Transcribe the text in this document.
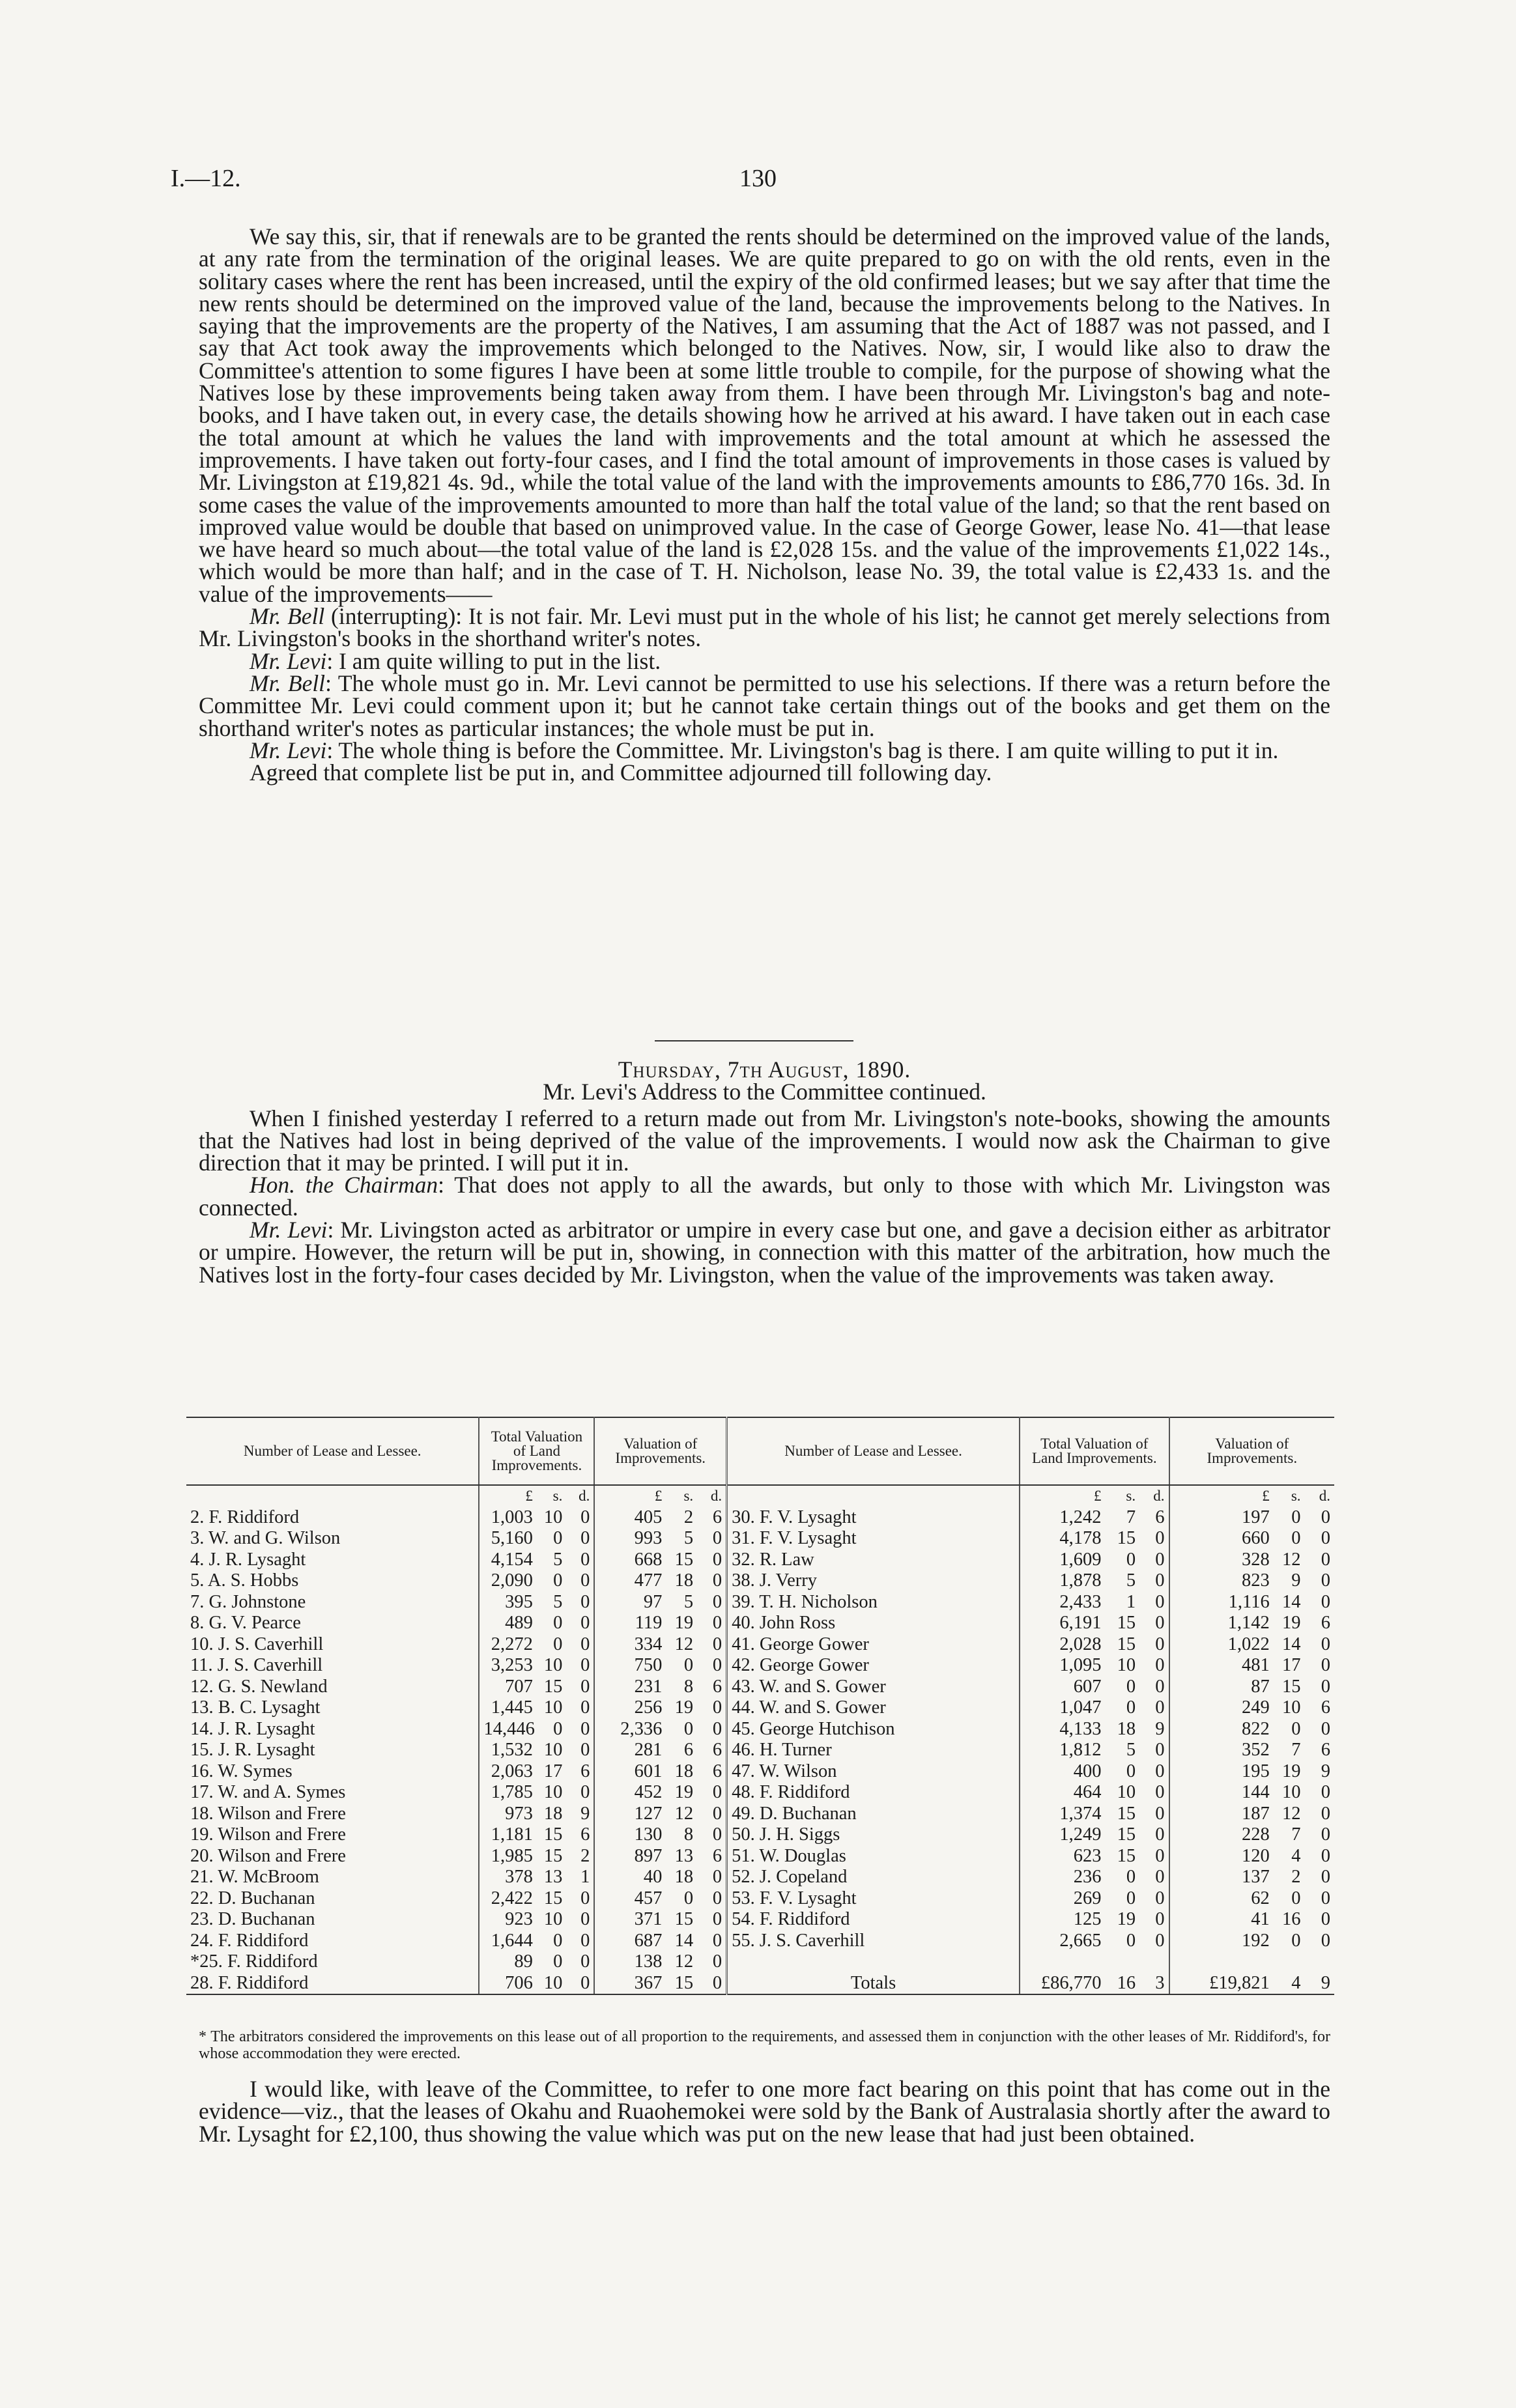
I.—12.	130

We say this, sir, that if renewals are to be granted the rents should be determined on the improved value of the lands, at any rate from the termination of the original leases. We are quite prepared to go on with the old rents, even in the solitary cases where the rent has been increased, until the expiry of the old confirmed leases; but we say after that time the new rents should be determined on the improved value of the land, because the improvements belong to the Natives. In saying that the improvements are the property of the Natives, I am assuming that the Act of 1887 was not passed, and I say that Act took away the improvements which belonged to the Natives. Now, sir, I would like also to draw the Committee's attention to some figures I have been at some little trouble to compile, for the purpose of showing what the Natives lose by these improvements being taken away from them. I have been through Mr. Livingston's bag and note-books, and I have taken out, in every case, the details showing how he arrived at his award. I have taken out in each case the total amount at which he values the land with improvements and the total amount at which he assessed the improvements. I have taken out forty-four cases, and I find the total amount of improvements in those cases is valued by Mr. Livingston at £19,821 4s. 9d., while the total value of the land with the improvements amounts to £86,770 16s. 3d. In some cases the value of the improvements amounted to more than half the total value of the land; so that the rent based on improved value would be double that based on unimproved value. In the case of George Gower, lease No. 41—that lease we have heard so much about—the total value of the land is £2,028 15s. and the value of the improvements £1,022 14s., which would be more than half; and in the case of T. H. Nicholson, lease No. 39, the total value is £2,433 1s. and the value of the improvements——

Mr. Bell (interrupting): It is not fair. Mr. Levi must put in the whole of his list; he cannot get merely selections from Mr. Livingston's books in the shorthand writer's notes.

Mr. Levi: I am quite willing to put in the list.

Mr. Bell: The whole must go in. Mr. Levi cannot be permitted to use his selections. If there was a return before the Committee Mr. Levi could comment upon it; but he cannot take certain things out of the books and get them on the shorthand writer's notes as particular instances; the whole must be put in.

Mr. Levi: The whole thing is before the Committee. Mr. Livingston's bag is there. I am quite willing to put it in.

Agreed that complete list be put in, and Committee adjourned till following day.

Thursday, 7th August, 1890.

Mr. Levi's Address to the Committee continued.

When I finished yesterday I referred to a return made out from Mr. Livingston's note-books, showing the amounts that the Natives had lost in being deprived of the value of the improvements. I would now ask the Chairman to give direction that it may be printed. I will put it in.

Hon. the Chairman: That does not apply to all the awards, but only to those with which Mr. Livingston was connected.

Mr. Levi: Mr. Livingston acted as arbitrator or umpire in every case but one, and gave a decision either as arbitrator or umpire. However, the return will be put in, showing, in connection with this matter of the arbitration, how much the Natives lost in the forty-four cases decided by Mr. Livingston, when the value of the improvements was taken away.

Number of Lease and Lessee.	Total Valuation of Land Improvements.			Valuation of Improvements.			Number of Lease and Lessee.	Total Valuation of Land Improvements.			Valuation of Improvements.		
	£	s.	d.	£	s.	d.		£	s.	d.	£	s.	d.
2. F. Riddiford	1,003	10	0	405	2	6	30. F. V. Lysaght	1,242	7	6	197	0	0
3. W. and G. Wilson	5,160	0	0	993	5	0	31. F. V. Lysaght	4,178	15	0	660	0	0
4. J. R. Lysaght	4,154	5	0	668	15	0	32. R. Law	1,609	0	0	328	12	0
5. A. S. Hobbs	2,090	0	0	477	18	0	38. J. Verry	1,878	5	0	823	9	0
7. G. Johnstone	395	5	0	97	5	0	39. T. H. Nicholson	2,433	1	0	1,116	14	0
8. G. V. Pearce	489	0	0	119	19	0	40. John Ross	6,191	15	0	1,142	19	6
10. J. S. Caverhill	2,272	0	0	334	12	0	41. George Gower	2,028	15	0	1,022	14	0
11. J. S. Caverhill	3,253	10	0	750	0	0	42. George Gower	1,095	10	0	481	17	0
12. G. S. Newland	707	15	0	231	8	6	43. W. and S. Gower	607	0	0	87	15	0
13. B. C. Lysaght	1,445	10	0	256	19	0	44. W. and S. Gower	1,047	0	0	249	10	6
14. J. R. Lysaght	14,446	0	0	2,336	0	0	45. George Hutchison	4,133	18	9	822	0	0
15. J. R. Lysaght	1,532	10	0	281	6	6	46. H. Turner	1,812	5	0	352	7	6
16. W. Symes	2,063	17	6	601	18	6	47. W. Wilson	400	0	0	195	19	9
17. W. and A. Symes	1,785	10	0	452	19	0	48. F. Riddiford	464	10	0	144	10	0
18. Wilson and Frere	973	18	9	127	12	0	49. D. Buchanan	1,374	15	0	187	12	0
19. Wilson and Frere	1,181	15	6	130	8	0	50. J. H. Siggs	1,249	15	0	228	7	0
20. Wilson and Frere	1,985	15	2	897	13	6	51. W. Douglas	623	15	0	120	4	0
21. W. McBroom	378	13	1	40	18	0	52. J. Copeland	236	0	0	137	2	0
22. D. Buchanan	2,422	15	0	457	0	0	53. F. V. Lysaght	269	0	0	62	0	0
23. D. Buchanan	923	10	0	371	15	0	54. F. Riddiford	125	19	0	41	16	0
24. F. Riddiford	1,644	0	0	687	14	0	55. J. S. Caverhill	2,665	0	0	192	0	0
*25. F. Riddiford	89	0	0	138	12	0							
28. F. Riddiford	706	10	0	367	15	0	Totals	£86,770	16	3	£19,821	4	9
* The arbitrators considered the improvements on this lease out of all proportion to the requirements, and assessed them in conjunction with the other leases of Mr. Riddiford's, for whose accommodation they were erected.

I would like, with leave of the Committee, to refer to one more fact bearing on this point that has come out in the evidence—viz., that the leases of Okahu and Ruaohemokei were sold by the Bank of Australasia shortly after the award to Mr. Lysaght for £2,100, thus showing the value which was put on the new lease that had just been obtained.
